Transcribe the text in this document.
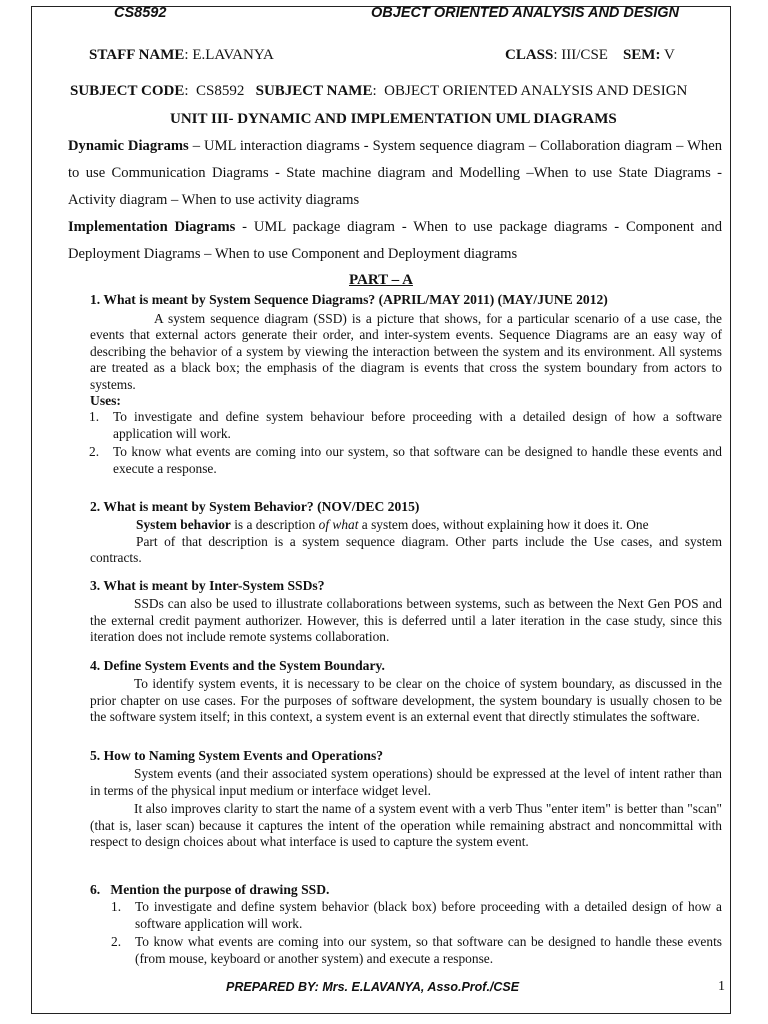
CS8592	OBJECT ORIENTED ANALYSIS AND DESIGN
STAFF NAME: E.LAVANYA	CLASS: III/CSE SEM: V
SUBJECT CODE:  CS8592 SUBJECT NAME:  OBJECT ORIENTED ANALYSIS AND DESIGN
UNIT III- DYNAMIC AND IMPLEMENTATION UML DIAGRAMS
Dynamic Diagrams – UML interaction diagrams - System sequence diagram – Collaboration diagram – When to use Communication Diagrams - State machine diagram and Modelling –When to use State Diagrams - Activity diagram – When to use activity diagrams
Implementation Diagrams - UML package diagram - When to use package diagrams - Component and Deployment Diagrams – When to use Component and Deployment diagrams
PART – A

1. What is meant by System Sequence Diagrams? (APRIL/MAY 2011) (MAY/JUNE 2012)

A system sequence diagram (SSD) is a picture that shows, for a particular scenario of a use case, the events that external actors generate their order, and inter-system events. Sequence Diagrams are an easy way of describing the behavior of a system by viewing the interaction between the system and its environment. All systems are treated as a black box; the emphasis of the diagram is events that cross the system boundary from actors to systems.

Uses:

1. To investigate and define system behaviour before proceeding with a detailed design of how a software application will work.
2. To know what events are coming into our system, so that software can be designed to handle these events and execute a response.

2. What is meant by System Behavior? (NOV/DEC 2015)

System behavior is a description of what a system does, without explaining how it does it. One

Part of that description is a system sequence diagram. Other parts include the Use cases, and system contracts.

3. What is meant by Inter-System SSDs?

SSDs can also be used to illustrate collaborations between systems, such as between the Next Gen POS and the external credit payment authorizer. However, this is deferred until a later iteration in the case study, since this iteration does not include remote systems collaboration.

4. Define System Events and the System Boundary.

To identify system events, it is necessary to be clear on the choice of system boundary, as discussed in the prior chapter on use cases. For the purposes of software development, the system boundary is usually chosen to be the software system itself; in this context, a system event is an external event that directly stimulates the software.

5. How to Naming System Events and Operations?

System events (and their associated system operations) should be expressed at the level of intent rather than in terms of the physical input medium or interface widget level.

It also improves clarity to start the name of a system event with a verb Thus "enter item" is better than "scan" (that is, laser scan) because it captures the intent of the operation while remaining abstract and noncommittal with respect to design choices about what interface is used to capture the system event.

6.   Mention the purpose of drawing SSD.

1. To investigate and define system behavior (black box) before proceeding with a detailed design of how a software application will work.
2. To know what events are coming into our system, so that software can be designed to handle these events (from mouse, keyboard or another system) and execute a response.
PREPARED BY: Mrs. E.LAVANYA, Asso.Prof./CSE	1
